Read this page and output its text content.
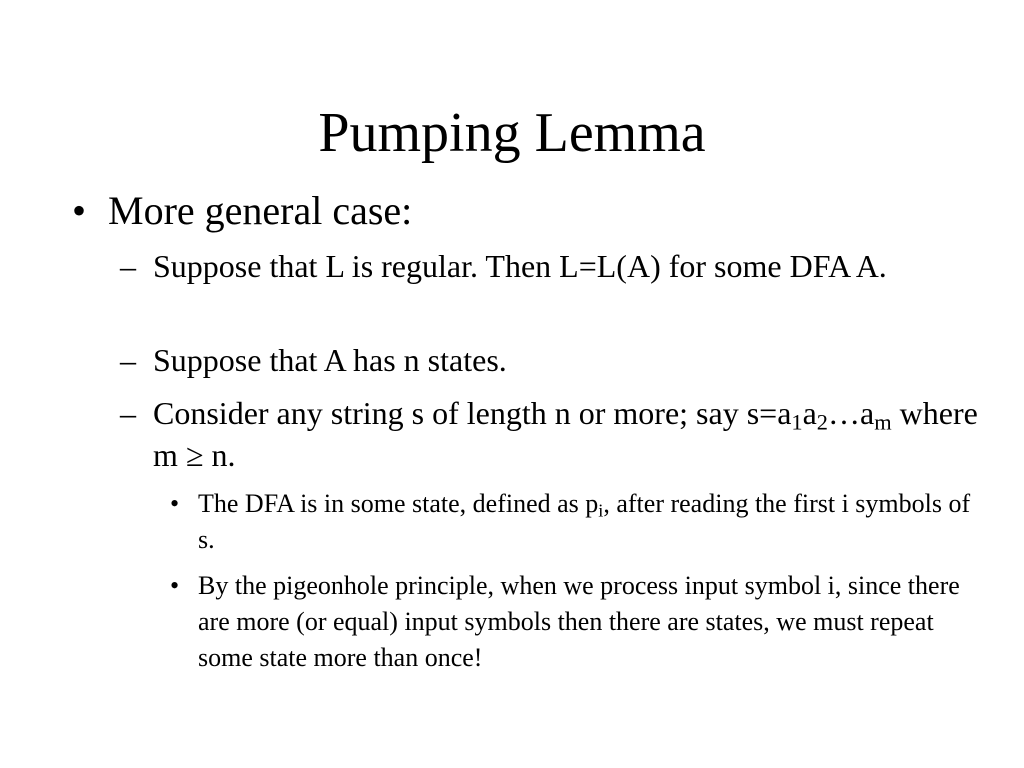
Pumping Lemma
• More general case:
– Suppose that L is regular. Then L=L(A) for some DFA A.
– Suppose that A has n states.
– Consider any string s of length n or more; say $s=a_1a_2\dots a_m$ where m ≥ n.
• The DFA is in some state, defined as $p_i$, after reading the first i symbols of s.
• By the pigeonhole principle, when we process input symbol i, since there are more (or equal) input symbols then there are states, we must repeat some state more than once!
